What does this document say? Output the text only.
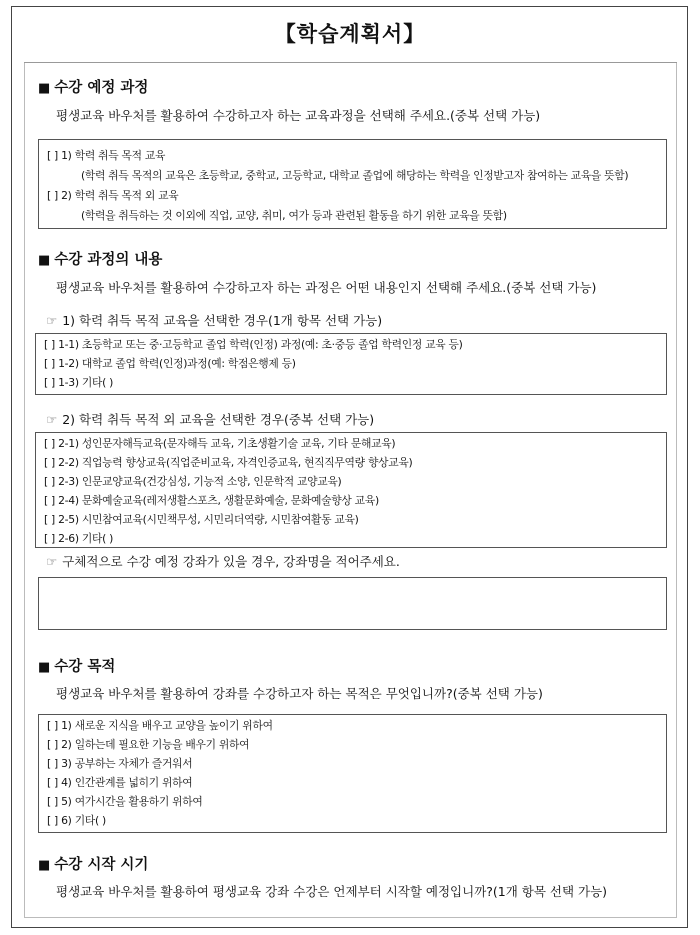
【학습계획서】
■ 수강 예정 과정
평생교육 바우처를 활용하여 수강하고자 하는 교육과정을 선택해 주세요.(중복 선택 가능)
[ ] 1) 학력 취득 목적 교육
(학력 취득 목적의 교육은 초등학교, 중학교, 고등학교, 대학교 졸업에 해당하는 학력을 인정받고자 참여하는 교육을 뜻함)
[ ] 2) 학력 취득 목적 외 교육
(학력을 취득하는 것 이외에 직업, 교양, 취미, 여가 등과 관련된 활동을 하기 위한 교육을 뜻함)
■ 수강 과정의 내용
평생교육 바우처를 활용하여 수강하고자 하는 과정은 어떤 내용인지 선택해 주세요.(중복 선택 가능)
☞ 1) 학력 취득 목적 교육을 선택한 경우(1개 항목 선택 가능)
[ ] 1-1) 초등학교 또는 중·고등학교 졸업 학력(인정) 과정(예: 초·중등 졸업 학력인정 교육 등)
[ ] 1-2) 대학교 졸업 학력(인정)과정(예: 학점은행제 등)
[ ] 1-3) 기타( )
☞ 2) 학력 취득 목적 외 교육을 선택한 경우(중복 선택 가능)
[ ] 2-1) 성인문자해득교육(문자해득 교육, 기초생활기술 교육, 기타 문해교육)
[ ] 2-2) 직업능력 향상교육(직업준비교육, 자격인증교육, 현직직무역량 향상교육)
[ ] 2-3) 인문교양교육(건강심성, 기능적 소양, 인문학적 교양교육)
[ ] 2-4) 문화예술교육(레저생활스포츠, 생활문화예술, 문화예술향상 교육)
[ ] 2-5) 시민참여교육(시민책무성, 시민리더역량, 시민참여활동 교육)
[ ] 2-6) 기타( )
☞ 구체적으로 수강 예정 강좌가 있을 경우, 강좌명을 적어주세요.
■ 수강 목적
평생교육 바우처를 활용하여 강좌를 수강하고자 하는 목적은 무엇입니까?(중복 선택 가능)
[ ] 1) 새로운 지식을 배우고 교양을 높이기 위하여
[ ] 2) 일하는데 필요한 기능을 배우기 위하여
[ ] 3) 공부하는 자체가 즐거워서
[ ] 4) 인간관계를 넓히기 위하여
[ ] 5) 여가시간을 활용하기 위하여
[ ] 6) 기타( )
■ 수강 시작 시기
평생교육 바우처를 활용하여 평생교육 강좌 수강은 언제부터 시작할 예정입니까?(1개 항목 선택 가능)
